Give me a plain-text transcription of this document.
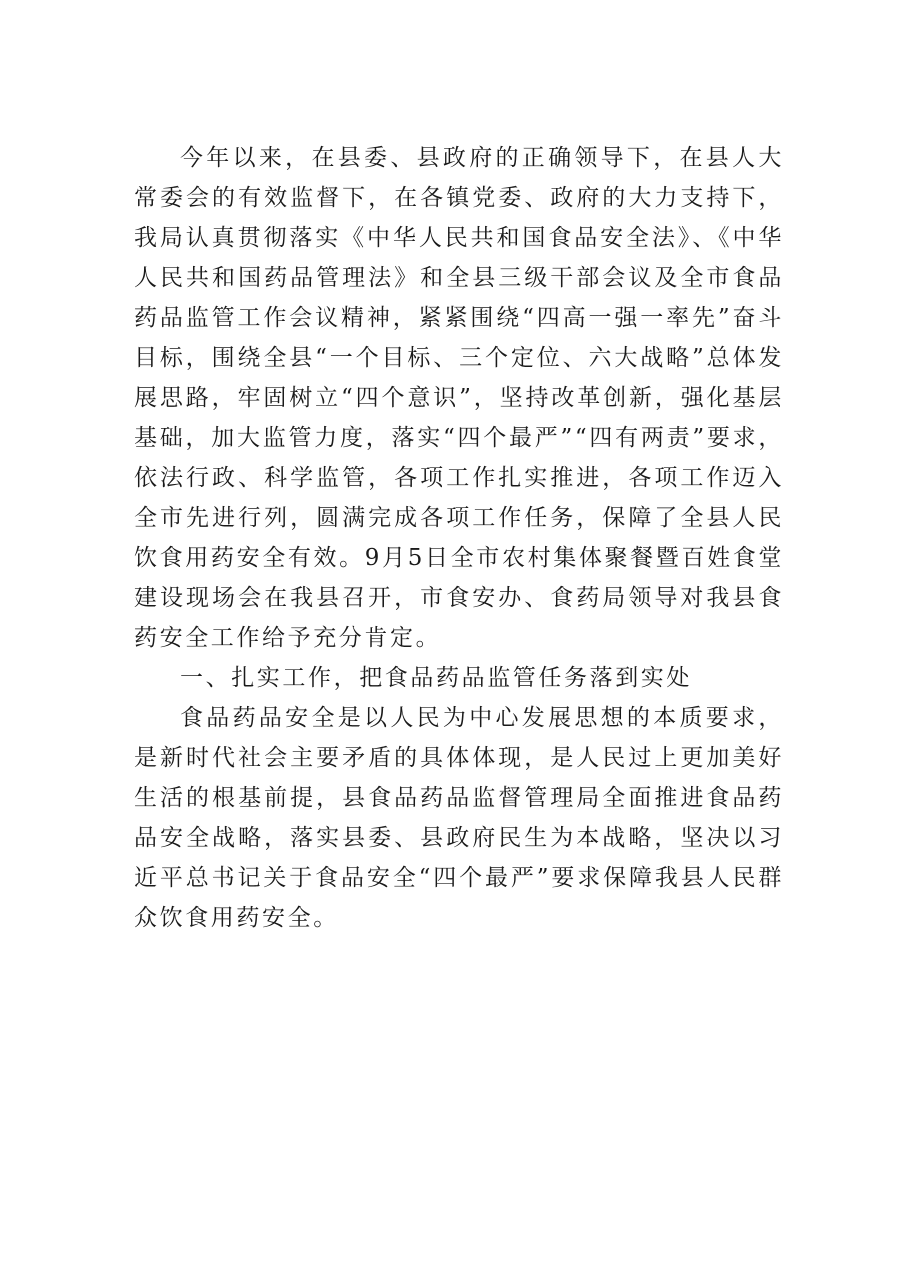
今年以来，在县委、县政府的正确领导下，在县人大常委会的有效监督下，在各镇党委、政府的大力支持下，我局认真贯彻落实《中华人民共和国食品安全法》、《中华人民共和国药品管理法》和全县三级干部会议及全市食品药品监管工作会议精神，紧紧围绕“四高一强一率先”奋斗目标，围绕全县“一个目标、三个定位、六大战略”总体发展思路，牢固树立“四个意识”，坚持改革创新，强化基层基础，加大监管力度，落实“四个最严”“四有两责”要求，依法行政、科学监管，各项工作扎实推进，各项工作迈入全市先进行列，圆满完成各项工作任务，保障了全县人民饮食用药安全有效。9月5日全市农村集体聚餐暨百姓食堂建设现场会在我县召开，市食安办、食药局领导对我县食药安全工作给予充分肯定。

一、扎实工作，把食品药品监管任务落到实处

食品药品安全是以人民为中心发展思想的本质要求，是新时代社会主要矛盾的具体体现，是人民过上更加美好生活的根基前提，县食品药品监督管理局全面推进食品药品安全战略，落实县委、县政府民生为本战略，坚决以习近平总书记关于食品安全“四个最严”要求保障我县人民群众饮食用药安全。
